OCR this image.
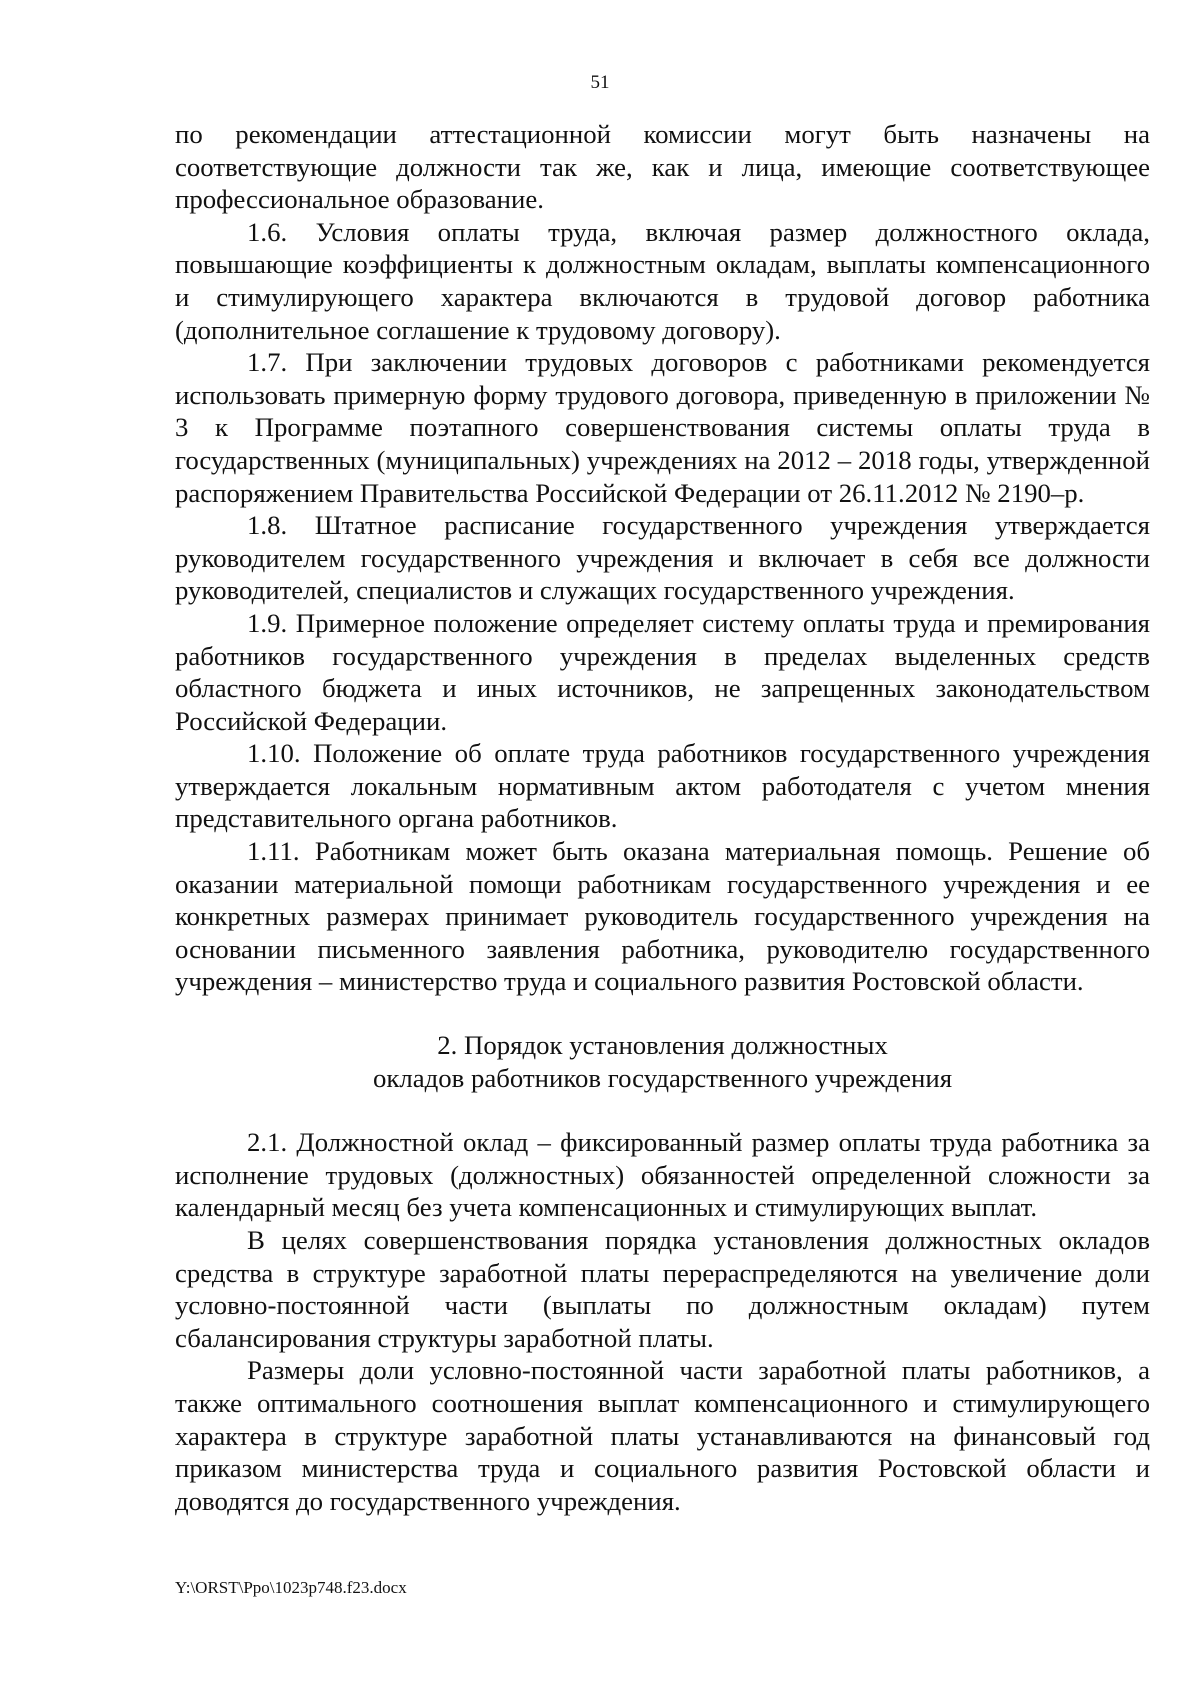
51

по рекомендации аттестационной комиссии могут быть назначены на соответствующие должности так же, как и лица, имеющие соответствующее профессиональное образование.

1.6. Условия оплаты труда, включая размер должностного оклада, повышающие коэффициенты к должностным окладам, выплаты компенсационного и стимулирующего характера включаются в трудовой договор работника (дополнительное соглашение к трудовому договору).

1.7. При заключении трудовых договоров с работниками рекомендуется использовать примерную форму трудового договора, приведенную в приложении № 3 к Программе поэтапного совершенствования системы оплаты труда в государственных (муниципальных) учреждениях на 2012 – 2018 годы, утвержденной распоряжением Правительства Российской Федерации от 26.11.2012 № 2190–р.

1.8. Штатное расписание государственного учреждения утверждается руководителем государственного учреждения и включает в себя все должности руководителей, специалистов и служащих государственного учреждения.

1.9. Примерное положение определяет систему оплаты труда и премирования работников государственного учреждения в пределах выделенных средств областного бюджета и иных источников, не запрещенных законодательством Российской Федерации.

1.10. Положение об оплате труда работников государственного учреждения утверждается локальным нормативным актом работодателя с учетом мнения представительного органа работников.

1.11. Работникам может быть оказана материальная помощь. Решение об оказании материальной помощи работникам государственного учреждения и ее конкретных размерах принимает руководитель государственного учреждения на основании письменного заявления работника, руководителю государственного учреждения – министерство труда и социального развития Ростовской области.

2. Порядок установления должностных
окладов работников государственного учреждения

2.1. Должностной оклад – фиксированный размер оплаты труда работника за исполнение трудовых (должностных) обязанностей определенной сложности за календарный месяц без учета компенсационных и стимулирующих выплат.

В целях совершенствования порядка установления должностных окладов средства в структуре заработной платы перераспределяются на увеличение доли условно-постоянной части (выплаты по должностным окладам) путем сбалансирования структуры заработной платы.

Размеры доли условно-постоянной части заработной платы работников, а также оптимального соотношения выплат компенсационного и стимулирующего характера в структуре заработной платы устанавливаются на финансовый год приказом министерства труда и социального развития Ростовской области и доводятся до государственного учреждения.

Y:\ORST\Ppo\1023p748.f23.docx
